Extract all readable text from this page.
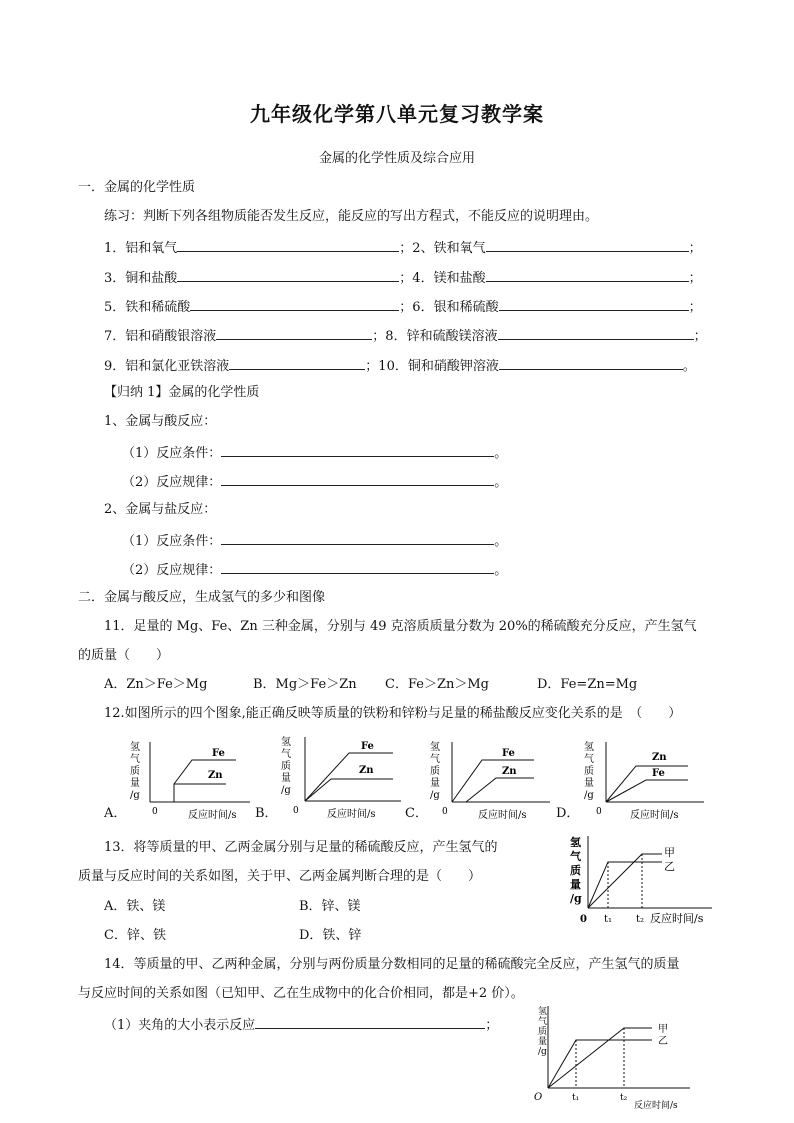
九年级化学第八单元复习教学案
金属的化学性质及综合应用
一．金属的化学性质
练习：判断下列各组物质能否发生反应，能反应的写出方程式，不能反应的说明理由。
1．铝和氧气	；2、铁和氧气	；
3．铜和盐酸	；4．镁和盐酸	；
5．铁和稀硫酸	；6．银和稀硫酸	；
7．铝和硝酸银溶液	；8．锌和硫酸镁溶液	；
9．铝和氯化亚铁溶液	；10．铜和硝酸钾溶液	。
【归纳 1】金属的化学性质
1、金属与酸反应：
（1）反应条件：	。
（2）反应规律：	。
2、金属与盐反应：
（1）反应条件：	。
（2）反应规律：	。
二．金属与酸反应，生成氢气的多少和图像
11．足量的 Mg、Fe、Zn 三种金属，分别与 49 克溶质质量分数为 20%的稀硫酸充分反应，产生氢气
的质量（　　）
A．Zn＞Fe＞Mg	B．Mg＞Fe＞Zn C．Fe＞Zn＞Mg	D．Fe=Zn=Mg
12.如图所示的四个图象,能正确反映等质量的铁粉和锌粉与足量的稀盐酸反应变化关系的是　（　　）
A．	B．	C．	D．
氢
气
质
量
/g
0	反应时间/s
Fe
Zn
氢
气
质
量
/g
0	反应时间/s
Fe
Zn
氢
气
质
量
/g
0	反应时间/s
Fe
Zn
氢
气
质
量
/g
0	反应时间/s
Zn
Fe
13．将等质量的甲、乙两金属分别与足量的稀硫酸反应，产生氢气的
质量与反应时间的关系如图，关于甲、乙两金属判断合理的是（　　）
A．铁、镁	B．锌、镁
C．锌、铁	D．铁、锌
氢
气
质
量
/g
0 t₁ t₂ 反应时间/s
甲
乙
14．等质量的甲、乙两种金属，分别与两份质量分数相同的足量的稀硫酸完全反应，产生氢气的质量
与反应时间的关系如图（已知甲、乙在生成物中的化合价相同，都是+2 价）。
（1）夹角的大小表示反应	；
氢
气
质
量
/g
O	t₁	t₂
反应时间/s
甲
乙
